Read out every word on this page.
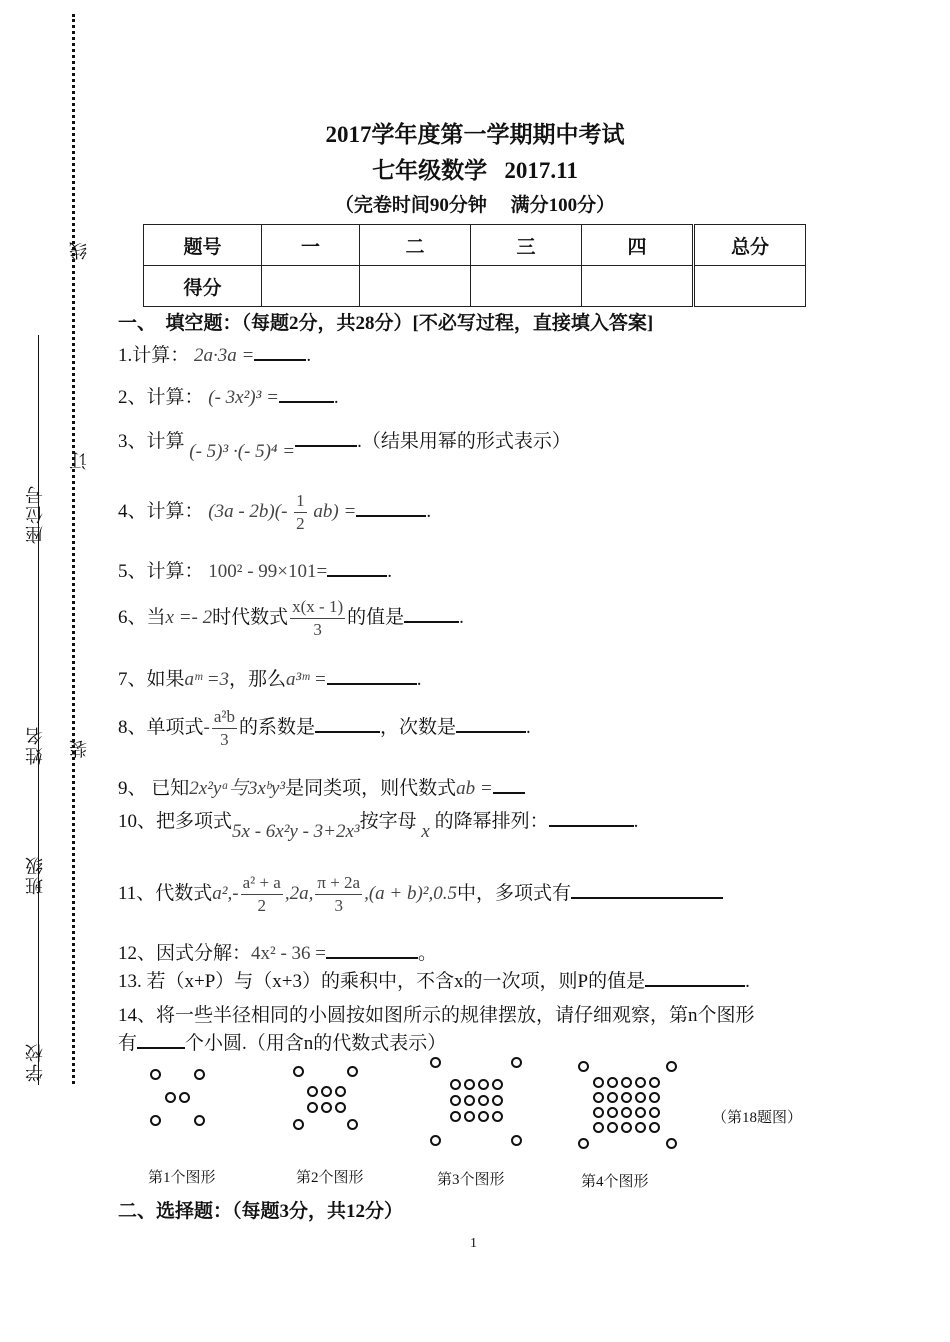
线
订
装
座位号
姓名
班级
学校
2017学年度第一学期期中考试
七年级数学   2017.11
（完卷时间90分钟     满分100分）
题号	一	二	三	四	总分
得分					
一、  填空题：（每题2分，共28分）[不必写过程，直接填入答案]
1.计算： 2a·3a =	.
2、计算： (- 3x²)³ =	.
3、计算 (- 5)³ ·(- 5)⁴ =	.（结果用幂的形式表示）
4、计算： $(3a - 2b)(- \frac{1}{2} ab)$ =	.
5、计算： 100² - 99×101=	.
6、当x =- 2时代数式 $\frac{x(x - 1)}{3}$ 的值是	.
7、如果aᵐ =3，那么a³ᵐ =	.
8、单项式- $\frac{\text{a²b}}{3}$ 的系数是	，次数是	.
9、 已知2x²yᵃ与3xᵇy³是同类项，则代数式ab =
10、把多项式5x - 6x²y - 3+2x³按字母 x 的降幂排列：	.
11、代数式$a^2,- \frac{\text{a² + a}}{2} ,2a$, $\frac{\pi + 2a}{3} ,(a + b)^2,0.5$中，多项式有
12、因式分解：4x² - 36 =	。
13. 若（x+P）与（x+3）的乘积中，不含x的一次项，则P的值是	.
14、将一些半径相同的小圆按如图所示的规律摆放，请仔细观察，第n个图形
有	个小圆.（用含n的代数式表示）
第1个图形	第2个图形	第3个图形	第4个图形
（第18题图）
二、选择题：（每题3分，共12分）
1
